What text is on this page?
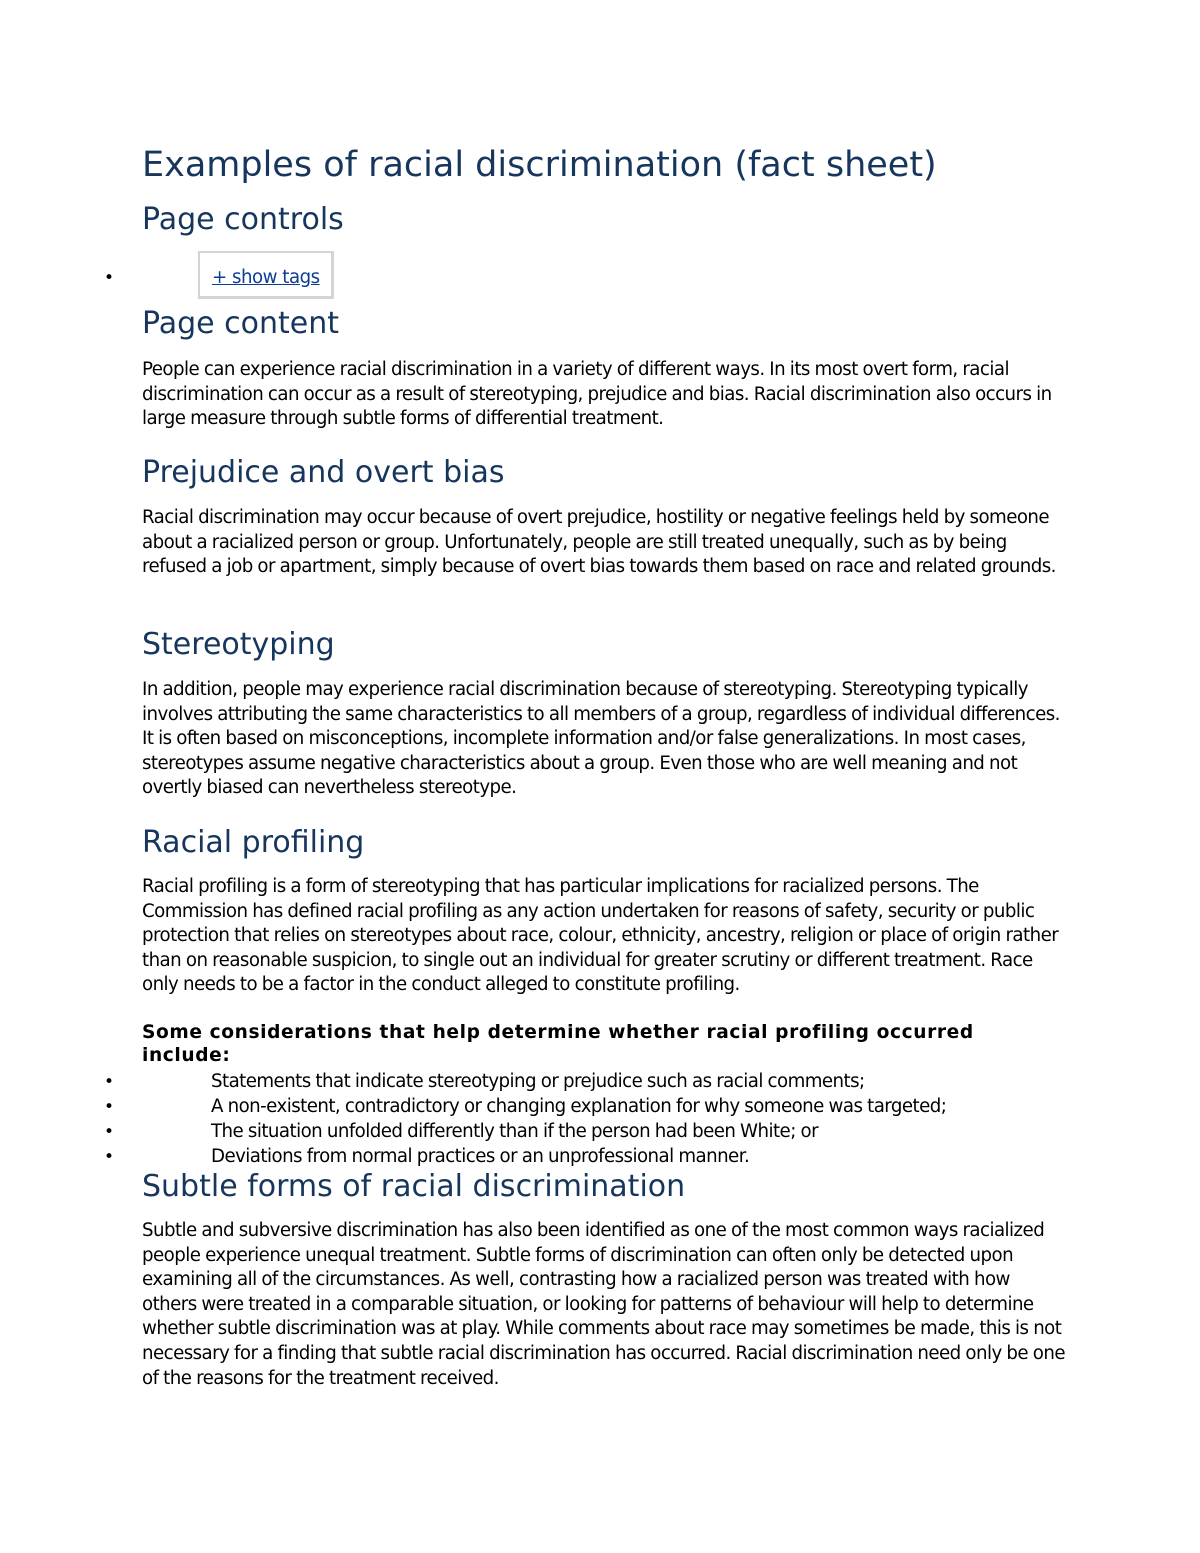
Examples of racial discrimination (fact sheet)
Page controls
Page content

People can experience racial discrimination in a variety of different ways. In its most overt form, racial discrimination can occur as a result of stereotyping, prejudice and bias. Racial discrimination also occurs in large measure through subtle forms of differential treatment.

Prejudice and overt bias

Racial discrimination may occur because of overt prejudice, hostility or negative feelings held by someone about a racialized person or group. Unfortunately, people are still treated unequally, such as by being refused a job or apartment, simply because of overt bias towards them based on race and related grounds.

Stereotyping

In addition, people may experience racial discrimination because of stereotyping. Stereotyping typically involves attributing the same characteristics to all members of a group, regardless of individual differences. It is often based on misconceptions, incomplete information and/or false generalizations. In most cases, stereotypes assume negative characteristics about a group. Even those who are well meaning and not overtly biased can nevertheless stereotype.

Racial profiling

Racial profiling is a form of stereotyping that has particular implications for racialized persons. The Commission has defined racial profiling as any action undertaken for reasons of safety, security or public protection that relies on stereotypes about race, colour, ethnicity, ancestry, religion or place of origin rather than on reasonable suspicion, to single out an individual for greater scrutiny or different treatment. Race only needs to be a factor in the conduct alleged to constitute profiling.

Some considerations that help determine whether racial profiling occurred include:
Subtle forms of racial discrimination

Subtle and subversive discrimination has also been identified as one of the most common ways racialized people experience unequal treatment. Subtle forms of discrimination can often only be detected upon examining all of the circumstances. As well, contrasting how a racialized person was treated with how others were treated in a comparable situation, or looking for patterns of behaviour will help to determine whether subtle discrimination was at play. While comments about race may sometimes be made, this is not necessary for a finding that subtle racial discrimination has occurred. Racial discrimination need only be one of the reasons for the treatment received.

•	+ show tags
•	Statements that indicate stereotyping or prejudice such as racial comments;
•	A non-existent, contradictory or changing explanation for why someone was targeted;
•	The situation unfolded differently than if the person had been White; or
•	Deviations from normal practices or an unprofessional manner.
